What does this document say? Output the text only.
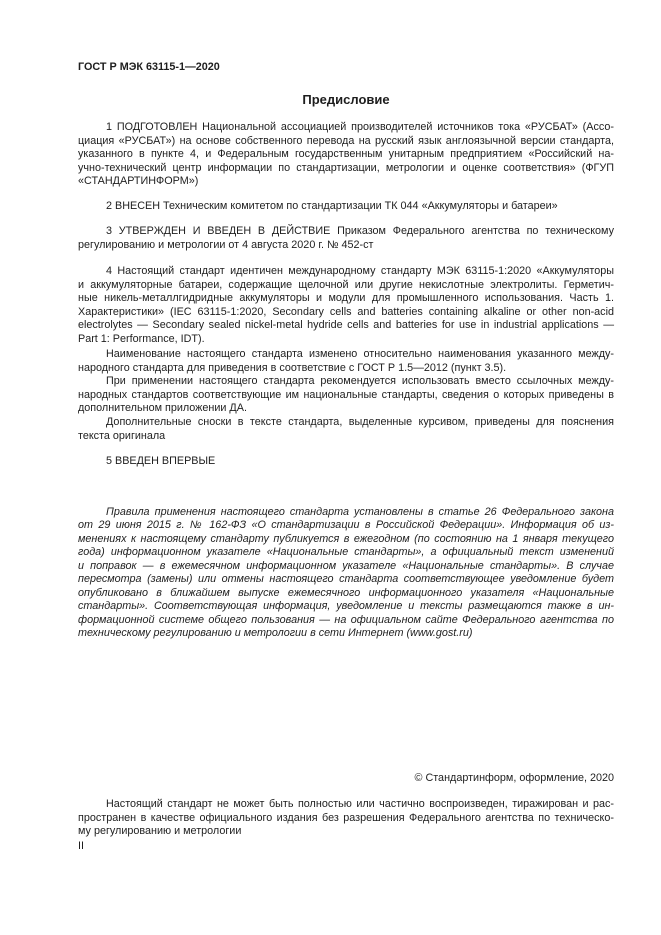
ГОСТ Р МЭК 63115-1—2020
Предисловие
1 ПОДГОТОВЛЕН Национальной ассоциацией производителей источников тока «РУСБАТ» (Ассо-
циация «РУСБАТ») на основе собственного перевода на русский язык англоязычной версии стандарта,
указанного в пункте 4, и Федеральным государственным унитарным предприятием «Российский на-
учно-технический центр информации по стандартизации, метрологии и оценке соответствия» (ФГУП
«СТАНДАРТИНФОРМ»)
2 ВНЕСЕН Техническим комитетом по стандартизации ТК 044 «Аккумуляторы и батареи»
3 УТВЕРЖДЕН И ВВЕДЕН В ДЕЙСТВИЕ Приказом Федерального агентства по техническому
регулированию и метрологии от 4 августа 2020 г. № 452-ст
4 Настоящий стандарт идентичен международному стандарту МЭК 63115-1:2020 «Аккумуляторы
и аккумуляторные батареи, содержащие щелочной или другие некислотные электролиты. Герметич-
ные никель-металлгидридные аккумуляторы и модули для промышленного использования. Часть 1.
Характеристики» (IEC 63115-1:2020, Secondary cells and batteries containing alkaline or other non-acid
electrolytes — Secondary sealed nickel-metal hydride cells and batteries for use in industrial applications —
Part 1: Performance, IDT).
Наименование настоящего стандарта изменено относительно наименования указанного между-
народного стандарта для приведения в соответствие с ГОСТ Р 1.5—2012 (пункт 3.5).
При применении настоящего стандарта рекомендуется использовать вместо ссылочных между-
народных стандартов соответствующие им национальные стандарты, сведения о которых приведены в
дополнительном приложении ДА.
Дополнительные сноски в тексте стандарта, выделенные курсивом, приведены для пояснения
текста оригинала
5 ВВЕДЕН ВПЕРВЫЕ
Правила применения настоящего стандарта установлены в статье 26 Федерального закона
от 29 июня 2015 г. № 162-ФЗ «О стандартизации в Российской Федерации». Информация об из-
менениях к настоящему стандарту публикуется в ежегодном (по состоянию на 1 января текущего
года) информационном указателе «Национальные стандарты», а официальный текст изменений
и поправок — в ежемесячном информационном указателе «Национальные стандарты». В случае
пересмотра (замены) или отмены настоящего стандарта соответствующее уведомление будет
опубликовано в ближайшем выпуске ежемесячного информационного указателя «Национальные
стандарты». Соответствующая информация, уведомление и тексты размещаются также в ин-
формационной системе общего пользования — на официальном сайте Федерального агентства по
техническому регулированию и метрологии в сети Интернет (www.gost.ru)
© Стандартинформ, оформление, 2020
Настоящий стандарт не может быть полностью или частично воспроизведен, тиражирован и рас-
пространен в качестве официального издания без разрешения Федерального агентства по техническо-
му регулированию и метрологии
II
